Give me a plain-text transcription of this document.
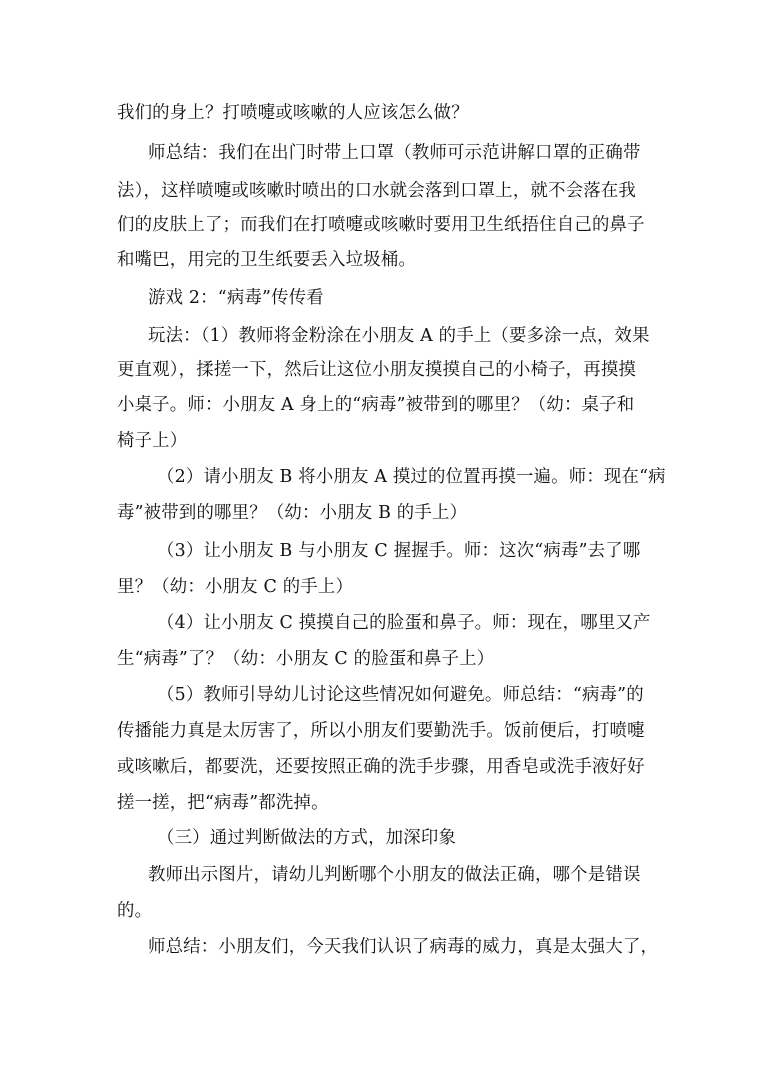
我们的身上？打喷嚏或咳嗽的人应该怎么做？
师总结：我们在出门时带上口罩（教师可示范讲解口罩的正确带
法），这样喷嚏或咳嗽时喷出的口水就会落到口罩上，就不会落在我
们的皮肤上了；而我们在打喷嚏或咳嗽时要用卫生纸捂住自己的鼻子
和嘴巴，用完的卫生纸要丢入垃圾桶。
游戏 2：“病毒”传传看
玩法：（1）教师将金粉涂在小朋友 A 的手上（要多涂一点，效果
更直观），揉搓一下，然后让这位小朋友摸摸自己的小椅子，再摸摸
小桌子。师：小朋友 A 身上的“病毒”被带到的哪里？（幼：桌子和
椅子上）
（2）请小朋友 B 将小朋友 A 摸过的位置再摸一遍。师：现在“病
毒”被带到的哪里？（幼：小朋友 B 的手上）
（3）让小朋友 B 与小朋友 C 握握手。师：这次“病毒”去了哪
里？（幼：小朋友 C 的手上）
（4）让小朋友 C 摸摸自己的脸蛋和鼻子。师：现在，哪里又产
生“病毒”了？（幼：小朋友 C 的脸蛋和鼻子上）
（5）教师引导幼儿讨论这些情况如何避免。师总结：“病毒”的
传播能力真是太厉害了，所以小朋友们要勤洗手。饭前便后，打喷嚏
或咳嗽后，都要洗，还要按照正确的洗手步骤，用香皂或洗手液好好
搓一搓，把“病毒”都洗掉。
（三）通过判断做法的方式，加深印象
教师出示图片，请幼儿判断哪个小朋友的做法正确，哪个是错误
的。
师总结：小朋友们，今天我们认识了病毒的威力，真是太强大了，
